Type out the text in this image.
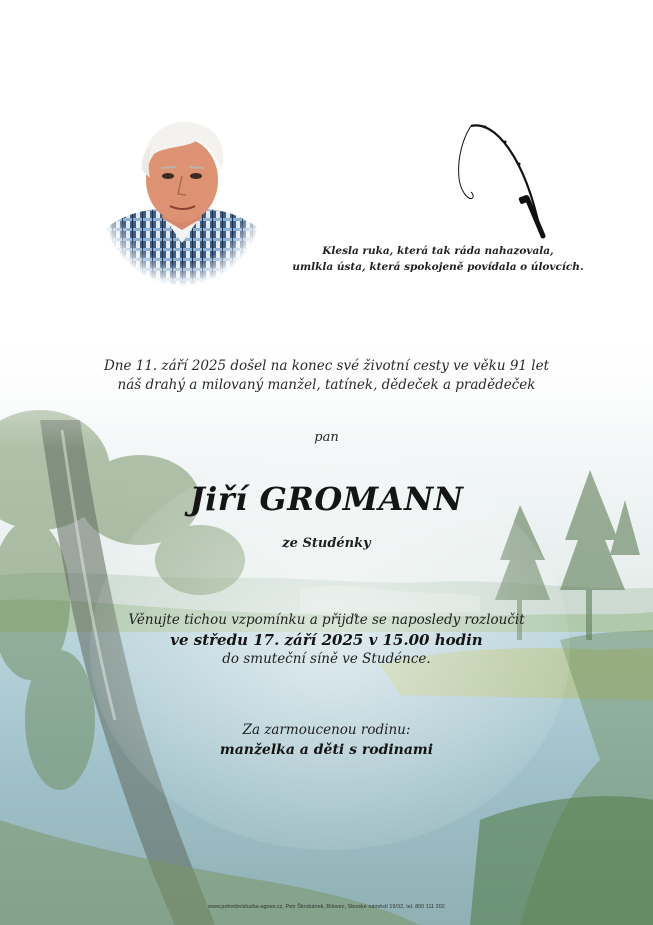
Klesla ruka, která tak ráda nahazovala,
umlkla ústa, která spokojeně povídala o úlovcích.
Dne 11. září 2025 došel na konec své životní cesty ve věku 91 let
náš drahý a milovaný manžel, tatínek, dědeček a pradědeček
pan
Jiří GROMANN
ze Studénky
Věnujte tichou vzpomínku a přijďte se naposledy rozloučit
ve středu 17. září 2025 v 15.00 hodin
do smuteční síně ve Studénce.
Za zarmoucenou rodinu:
manželka a děti s rodinami
www.pohrebnisluzba-agnes.cz, Petr Škrobánek, Bílovec, Slezské náměstí 19/32, tel. 800 111 202
